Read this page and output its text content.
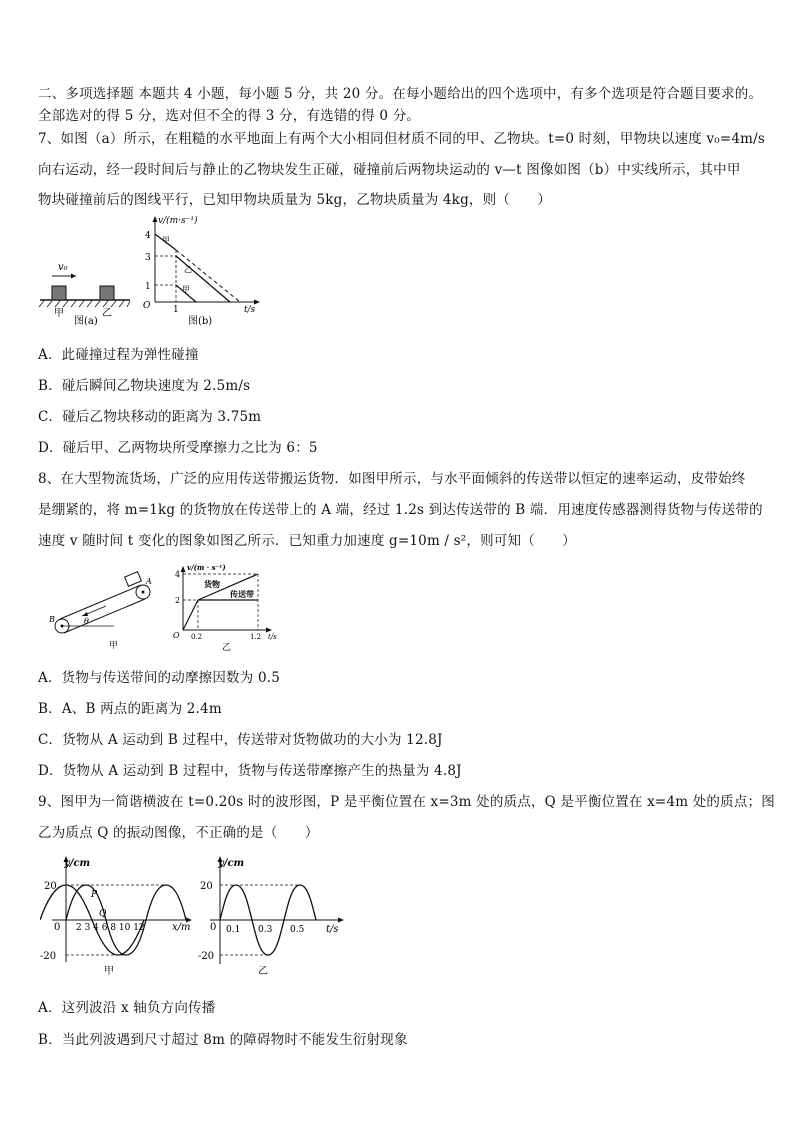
二、多项选择题 本题共 4 小题，每小题 5 分，共 20 分。在每小题给出的四个选项中，有多个选项是符合题目要求的。
全部选对的得 5 分，选对但不全的得 3 分，有选错的得 0 分。
7、如图（a）所示，在粗糙的水平地面上有两个大小相同但材质不同的甲、乙物块。t=0 时刻，甲物块以速度 v₀=4m/s
向右运动，经一段时间后与静止的乙物块发生正碰，碰撞前后两物块运动的 v—t 图像如图（b）中实线所示，其中甲
物块碰撞前后的图线平行，已知甲物块质量为 5kg，乙物块质量为 4kg，则（　　）
v₀
甲	乙
图(a)
v/(m·s⁻¹)
4
3
1
O	1	t/s
甲
乙
甲
图(b)
A．此碰撞过程为弹性碰撞
B．碰后瞬间乙物块速度为 2.5m/s
C．碰后乙物块移动的距离为 3.75m
D．碰后甲、乙两物块所受摩擦力之比为 6：5
8、在大型物流货场，广泛的应用传送带搬运货物．如图甲所示，与水平面倾斜的传送带以恒定的速率运动，皮带始终
是绷紧的，将 m=1kg 的货物放在传送带上的 A 端，经过 1.2s 到达传送带的 B 端．用速度传感器测得货物与传送带的
速度 v 随时间 t 变化的图象如图乙所示．已知重力加速度 g=10m / s²，则可知（　　）
B
A
θ
甲
v/(m · s⁻¹)
4
2
O 0.2	1.2 t/s
货物
传送带
乙
A．货物与传送带间的动摩擦因数为 0.5
B．A、B 两点的距离为 2.4m
C．货物从 A 运动到 B 过程中，传送带对货物做功的大小为 12.8J
D．货物从 A 运动到 B 过程中，货物与传送带摩擦产生的热量为 4.8J
9、图甲为一简谐横波在 t=0.20s 时的波形图，P 是平衡位置在 x=3m 处的质点，Q 是平衡位置在 x=4m 处的质点；图
乙为质点 Q 的振动图像，不正确的是（　　）
y/cm
20
-20
0 2 3 4 6 8 10 12	x/m
P
Q
甲
y/cm
20
-20
0 0.1 0.3 0.5 t/s
乙
A．这列波沿 x 轴负方向传播
B．当此列波遇到尺寸超过 8m 的障碍物时不能发生衍射现象
